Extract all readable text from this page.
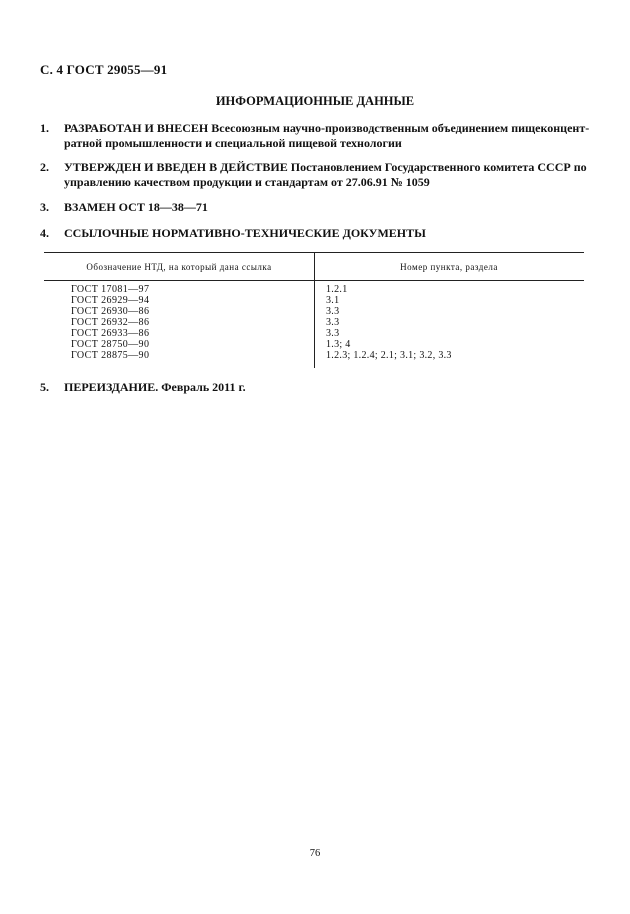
С. 4 ГОСТ 29055—91
ИНФОРМАЦИОННЫЕ ДАННЫЕ
1.	РАЗРАБОТАН И ВНЕСЕН Всесоюзным научно-производственным объединением пищеконцент-ратной промышленности и специальной пищевой технологии
2.	УТВЕРЖДЕН И ВВЕДЕН В ДЕЙСТВИЕ Постановлением Государственного комитета СССР по управлению качеством продукции и стандартам от 27.06.91 № 1059
3.	ВЗАМЕН ОСТ 18—38—71
4.	ССЫЛОЧНЫЕ НОРМАТИВНО-ТЕХНИЧЕСКИЕ ДОКУМЕНТЫ
Обозначение НТД, на который дана ссылка	Номер пункта, раздела
ГОСТ 17081—97	1.2.1
ГОСТ 26929—94	3.1
ГОСТ 26930—86	3.3
ГОСТ 26932—86	3.3
ГОСТ 26933—86	3.3
ГОСТ 28750—90	1.3; 4
ГОСТ 28875—90	1.2.3; 1.2.4; 2.1; 3.1; 3.2, 3.3
5.	ПЕРЕИЗДАНИЕ. Февраль 2011 г.
76
